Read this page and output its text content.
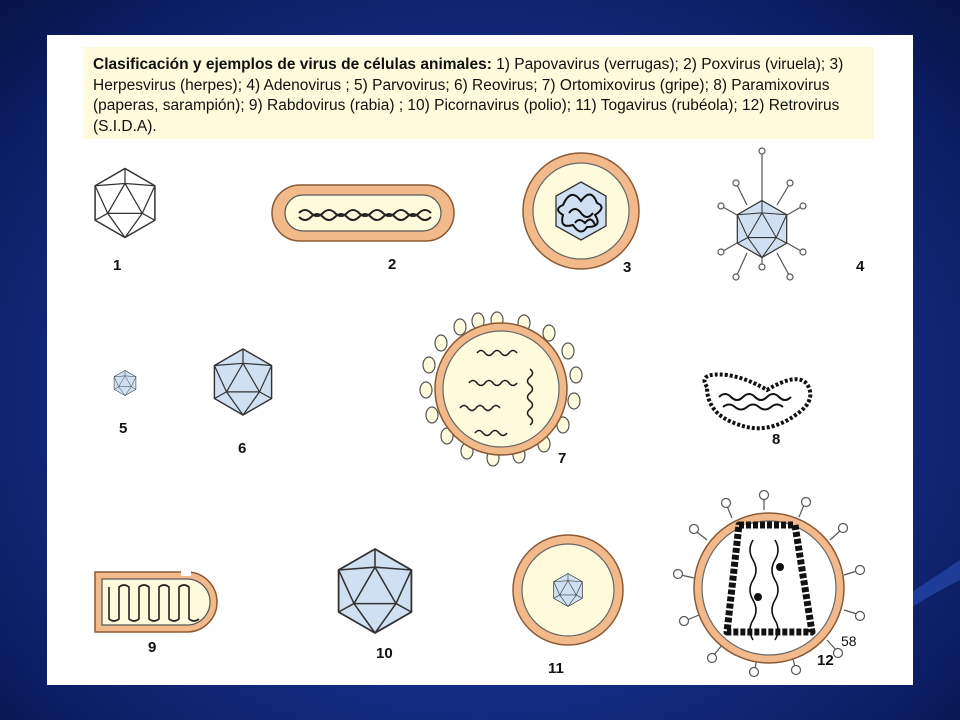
Clasificación y ejemplos de virus de células animales: 1) Papovavirus (verrugas); 2) Poxvirus (viruela); 3) Herpesvirus (herpes); 4) Adenovirus ; 5) Parvovirus; 6) Reovirus; 7) Ortomixovirus (gripe); 8) Paramixovirus (paperas, sarampión); 9) Rabdovirus (rabia) ; 10) Picornavirus (polio); 11) Togavirus (rubéola); 12) Retrovirus (S.I.D.A).
1	2	3	4
5
6
7
8
9	10
11	12
58
